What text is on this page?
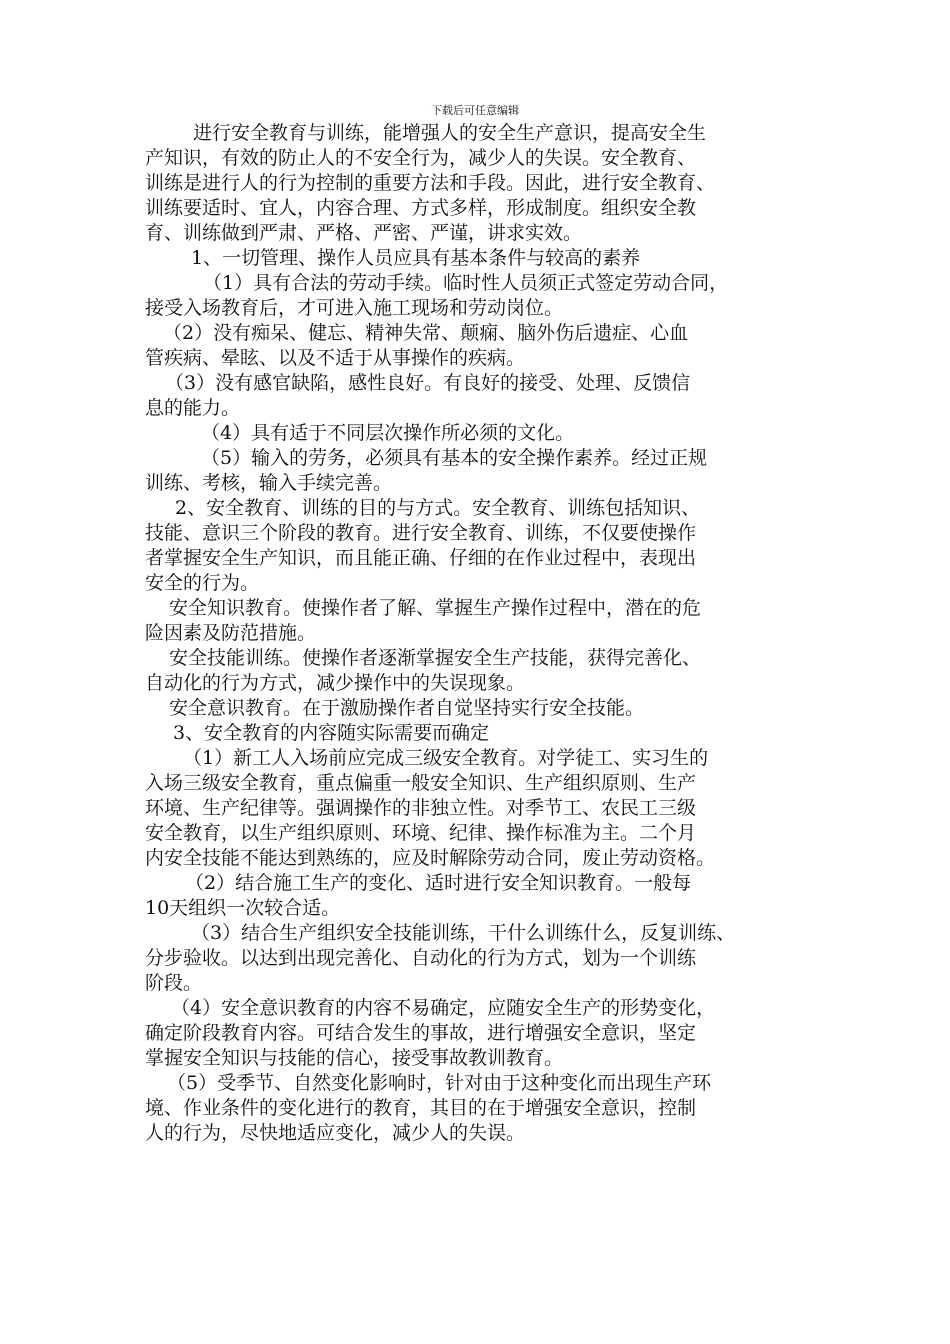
下载后可任意编辑
进行安全教育与训练，能增强人的安全生产意识，提高安全生
产知识，有效的防止人的不安全行为，减少人的失误。安全教育、
训练是进行人的行为控制的重要方法和手段。因此，进行安全教育、
训练要适时、宜人，内容合理、方式多样，形成制度。组织安全教
育、训练做到严肃、严格、严密、严谨，讲求实效。
1、一切管理、操作人员应具有基本条件与较高的素养
（1）具有合法的劳动手续。临时性人员须正式签定劳动合同，
接受入场教育后，才可进入施工现场和劳动岗位。
（2）没有痴呆、健忘、精神失常、颠痫、脑外伤后遗症、心血
管疾病、晕眩、以及不适于从事操作的疾病。
（3）没有感官缺陷，感性良好。有良好的接受、处理、反馈信
息的能力。
（4）具有适于不同层次操作所必须的文化。
（5）输入的劳务，必须具有基本的安全操作素养。经过正规
训练、考核，输入手续完善。
2、安全教育、训练的目的与方式。安全教育、训练包括知识、
技能、意识三个阶段的教育。进行安全教育、训练，不仅要使操作
者掌握安全生产知识，而且能正确、仔细的在作业过程中，表现出
安全的行为。
安全知识教育。使操作者了解、掌握生产操作过程中，潜在的危
险因素及防范措施。
安全技能训练。使操作者逐渐掌握安全生产技能，获得完善化、
自动化的行为方式，减少操作中的失误现象。
安全意识教育。在于激励操作者自觉坚持实行安全技能。
3、安全教育的内容随实际需要而确定
（1）新工人入场前应完成三级安全教育。对学徒工、实习生的
入场三级安全教育，重点偏重一般安全知识、生产组织原则、生产
环境、生产纪律等。强调操作的非独立性。对季节工、农民工三级
安全教育，以生产组织原则、环境、纪律、操作标准为主。二个月
内安全技能不能达到熟练的，应及时解除劳动合同，废止劳动资格。
（2）结合施工生产的变化、适时进行安全知识教育。一般每
10天组织一次较合适。
（3）结合生产组织安全技能训练，干什么训练什么，反复训练、
分步验收。以达到出现完善化、自动化的行为方式，划为一个训练
阶段。
（4）安全意识教育的内容不易确定，应随安全生产的形势变化，
确定阶段教育内容。可结合发生的事故，进行增强安全意识，坚定
掌握安全知识与技能的信心，接受事故教训教育。
（5）受季节、自然变化影响时，针对由于这种变化而出现生产环
境、作业条件的变化进行的教育，其目的在于增强安全意识，控制
人的行为，尽快地适应变化，减少人的失误。
